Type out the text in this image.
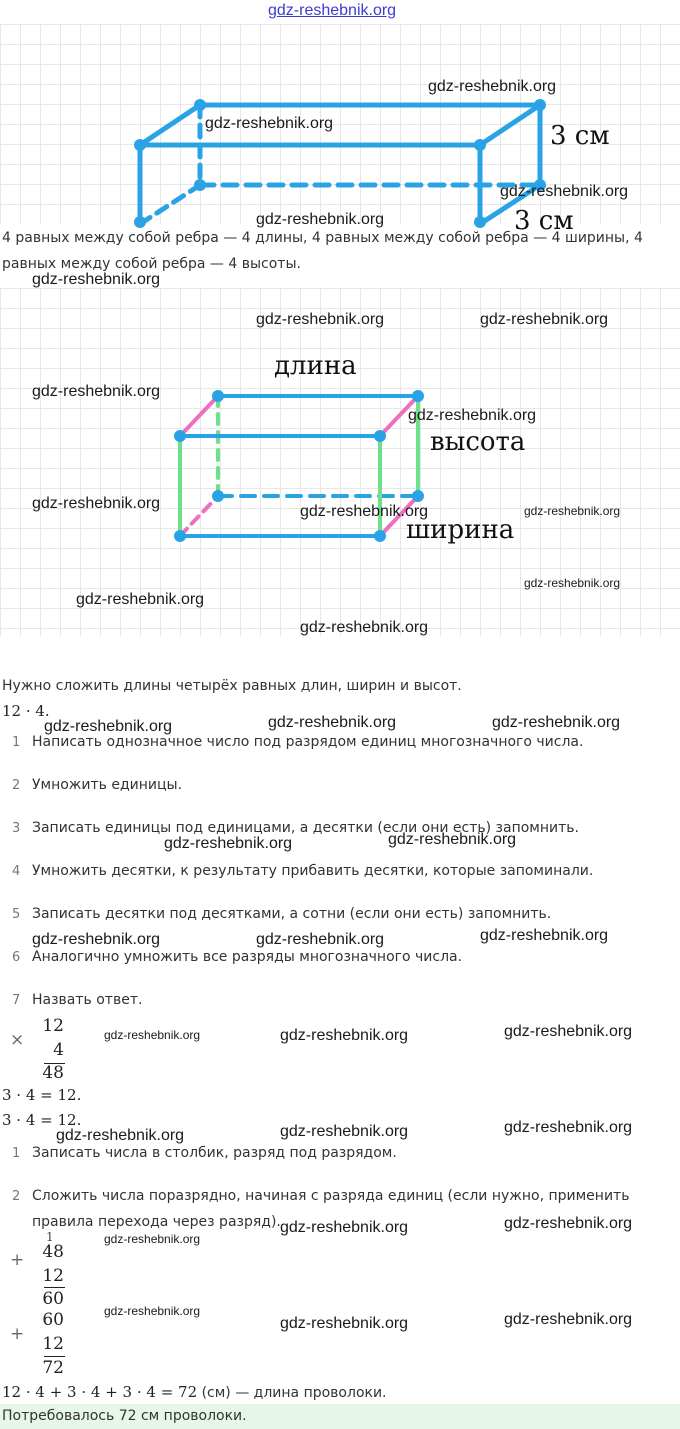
gdz-reshebnik.org
3 см
3 см
gdz-reshebnik.org
gdz-reshebnik.org
gdz-reshebnik.org
gdz-reshebnik.org
4 равных между собой ребра — 4 длины, 4 равных между собой ребра — 4 ширины, 4
равных между собой ребра — 4 высоты.
gdz-reshebnik.org
длина
высота
ширина
gdz-reshebnik.org	gdz-reshebnik.org
gdz-reshebnik.org
gdz-reshebnik.org
gdz-reshebnik.org	gdz-reshebnik.org	gdz-reshebnik.org
gdz-reshebnik.org
gdz-reshebnik.org
gdz-reshebnik.org
Нужно сложить длины четырёх равных длин, ширин и высот.
12 · 4.
gdz-reshebnik.org	gdz-reshebnik.org	gdz-reshebnik.org
1 Написать однозначное число под разрядом единиц многозначного числа.
2 Умножить единицы.
3 Записать единицы под единицами, а десятки (если они есть) запомнить.
gdz-reshebnik.org	gdz-reshebnik.org
4 Умножить десятки, к результату прибавить десятки, которые запоминали.
5 Записать десятки под десятками, а сотни (если они есть) запомнить.
gdz-reshebnik.org	gdz-reshebnik.org	gdz-reshebnik.org
6 Аналогично умножить все разряды многозначного числа.
7 Назвать ответ.
×
12
4
48
gdz-reshebnik.org	gdz-reshebnik.org	gdz-reshebnik.org
3 · 4 = 12.
3 · 4 = 12.
gdz-reshebnik.org	gdz-reshebnik.org	gdz-reshebnik.org
1 Записать числа в столбик, разряд под разрядом.
2 Сложить числа поразрядно, начиная с разряда единиц (если нужно, применить
правила перехода через разряд). gdz-reshebnik.org	gdz-reshebnik.org
1
+	48
12
60
gdz-reshebnik.org
+
60
12
72
gdz-reshebnik.org
gdz-reshebnik.org	gdz-reshebnik.org
12 · 4 + 3 · 4 + 3 · 4 = 72 (см) — длина проволоки.
Потребовалось 72 см проволоки.
